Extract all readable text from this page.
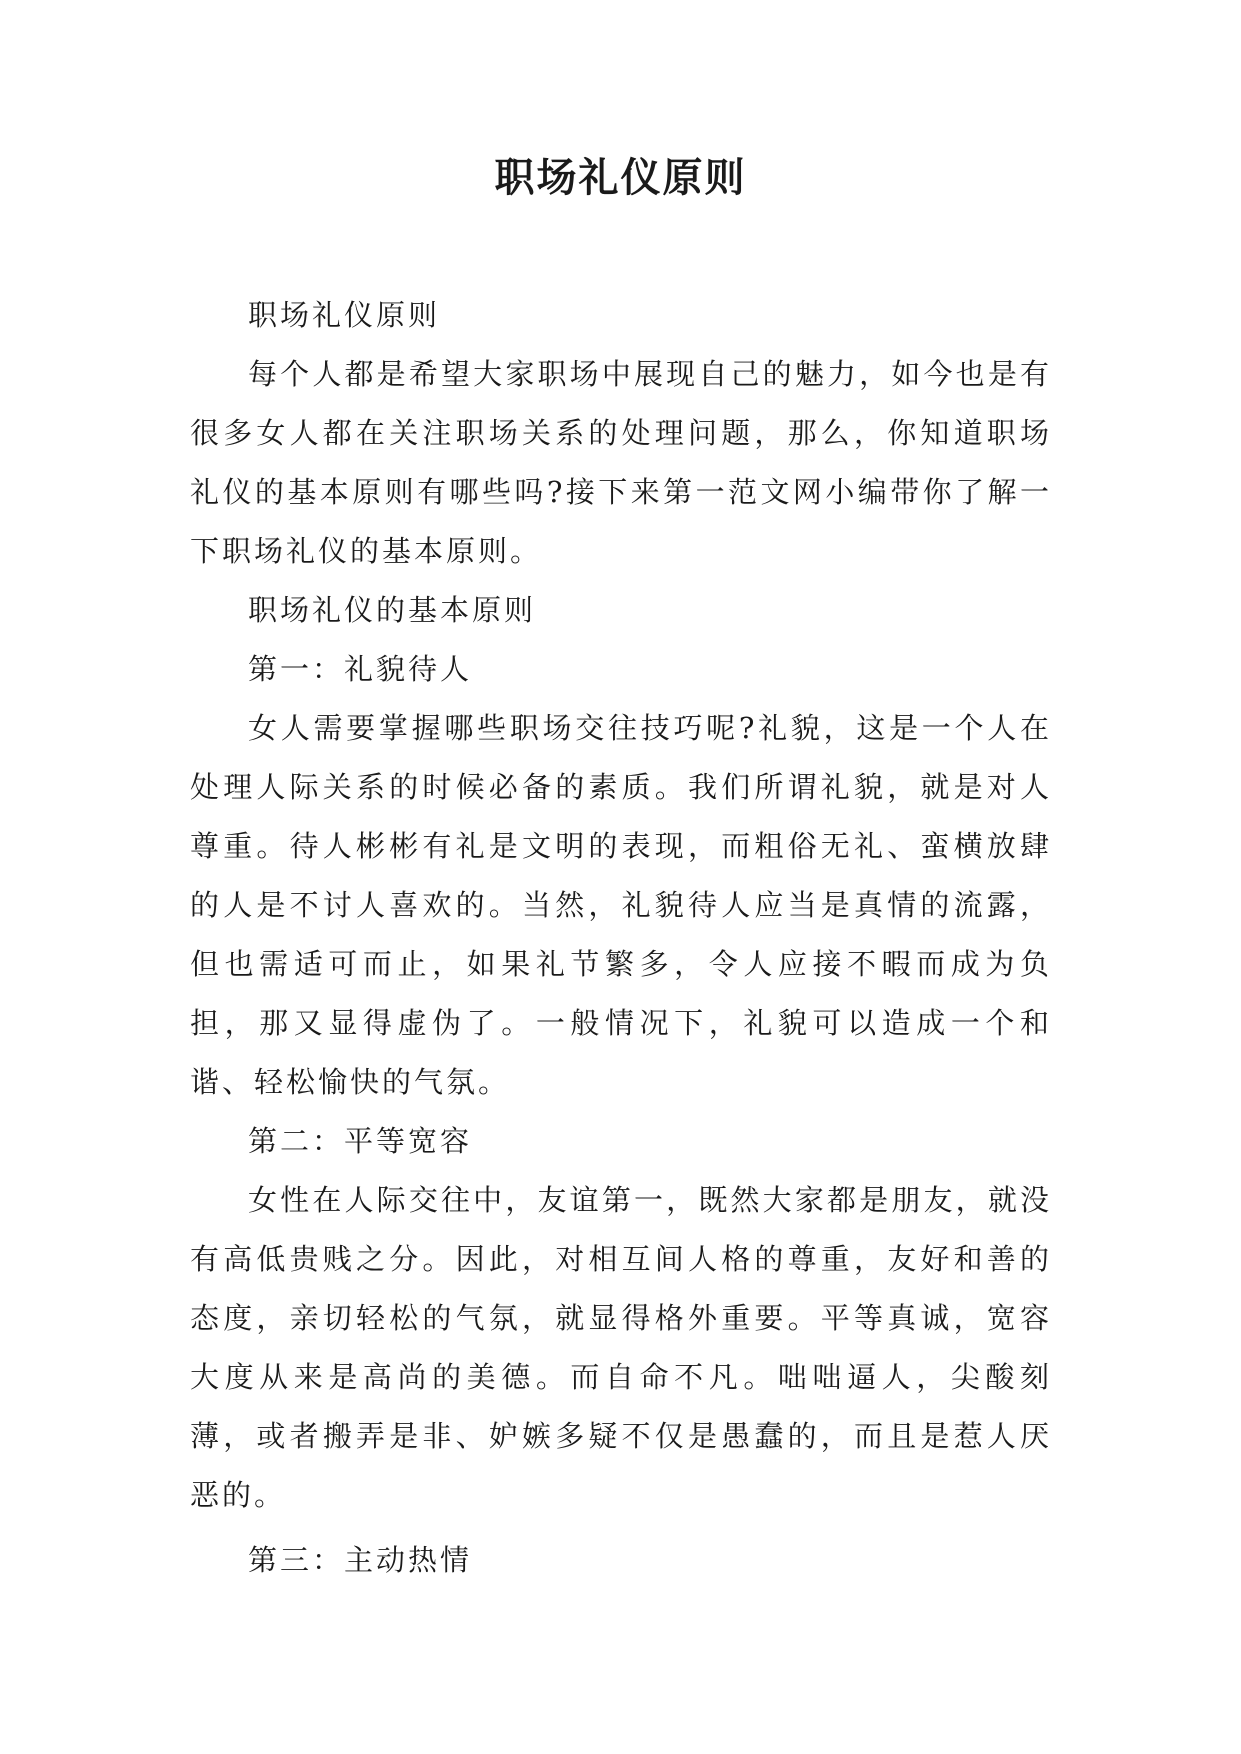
职场礼仪原则

职场礼仪原则

每个人都是希望大家职场中展现自己的魅力，如今也是有很多女人都在关注职场关系的处理问题，那么，你知道职场礼仪的基本原则有哪些吗?接下来第一范文网小编带你了解一下职场礼仪的基本原则。

职场礼仪的基本原则

第一：礼貌待人

女人需要掌握哪些职场交往技巧呢?礼貌，这是一个人在处理人际关系的时候必备的素质。我们所谓礼貌，就是对人尊重。待人彬彬有礼是文明的表现，而粗俗无礼、蛮横放肆的人是不讨人喜欢的。当然，礼貌待人应当是真情的流露，但也需适可而止，如果礼节繁多，令人应接不暇而成为负担，那又显得虚伪了。一般情况下，礼貌可以造成一个和谐、轻松愉快的气氛。

第二：平等宽容

女性在人际交往中，友谊第一，既然大家都是朋友，就没有高低贵贱之分。因此，对相互间人格的尊重，友好和善的态度，亲切轻松的气氛，就显得格外重要。平等真诚，宽容大度从来是高尚的美德。而自命不凡。咄咄逼人，尖酸刻薄，或者搬弄是非、妒嫉多疑不仅是愚蠢的，而且是惹人厌恶的。

第三：主动热情
